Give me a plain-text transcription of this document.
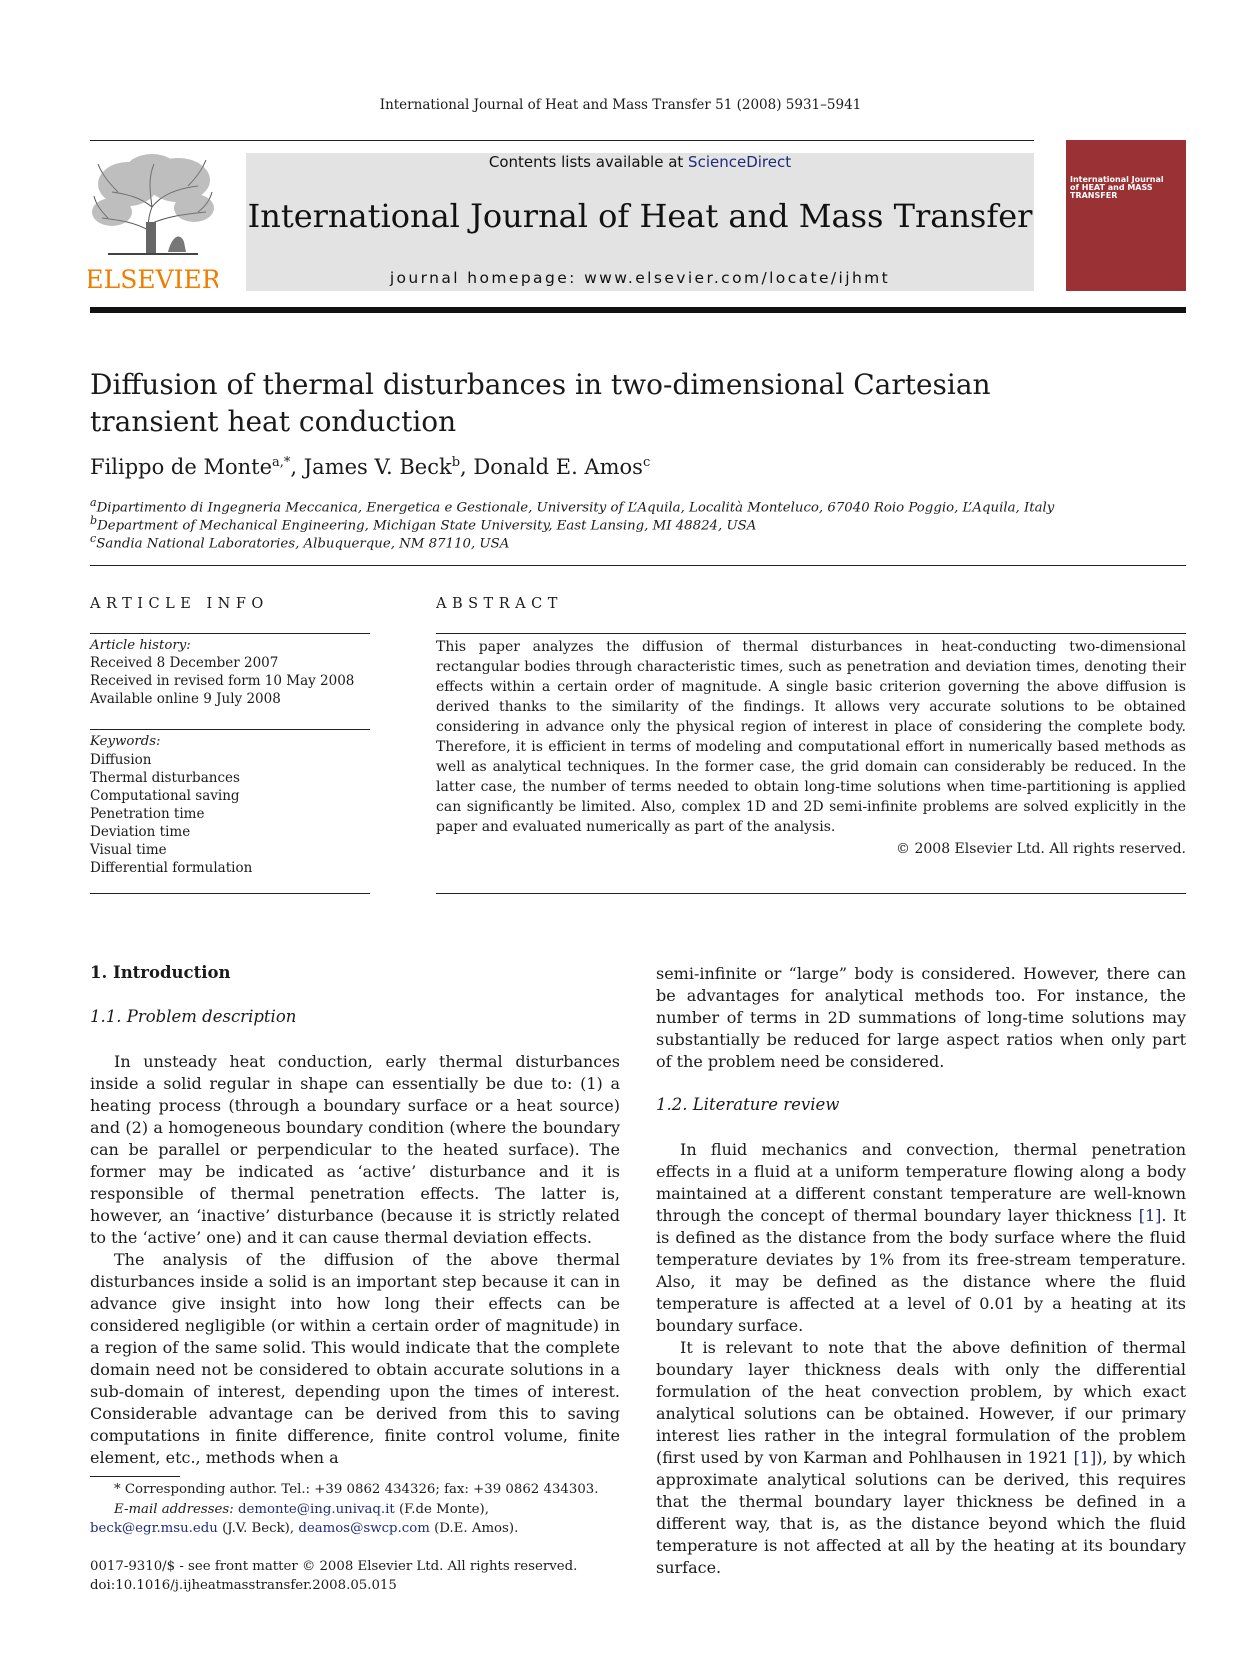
International Journal of Heat and Mass Transfer 51 (2008) 5931–5941
ELSEVIER
Contents lists available at ScienceDirect
International Journal of Heat and Mass Transfer
journal homepage: www.elsevier.com/locate/ijhmt
International Journal of HEAT and MASS TRANSFER
Diffusion of thermal disturbances in two-dimensional Cartesian transient heat conduction
Filippo de Monte$^{a,*}$, James V. Beck$^b$, Donald E. Amos$^c$
$^a$Dipartimento di Ingegneria Meccanica, Energetica e Gestionale, University of L’Aquila, Località Monteluco, 67040 Roio Poggio, L’Aquila, Italy
$^b$Department of Mechanical Engineering, Michigan State University, East Lansing, MI 48824, USA
$^c$Sandia National Laboratories, Albuquerque, NM 87110, USA
ARTICLE INFO
Article history:
Received 8 December 2007
Received in revised form 10 May 2008
Available online 9 July 2008
Keywords:
Diffusion
Thermal disturbances
Computational saving
Penetration time
Deviation time
Visual time
Differential formulation
ABSTRACT
This paper analyzes the diffusion of thermal disturbances in heat-conducting two-dimensional rectangular bodies through characteristic times, such as penetration and deviation times, denoting their effects within a certain order of magnitude. A single basic criterion governing the above diffusion is derived thanks to the similarity of the findings. It allows very accurate solutions to be obtained considering in advance only the physical region of interest in place of considering the complete body. Therefore, it is efficient in terms of modeling and computational effort in numerically based methods as well as analytical techniques. In the former case, the grid domain can considerably be reduced. In the latter case, the number of terms needed to obtain long-time solutions when time-partitioning is applied can significantly be limited. Also, complex 1D and 2D semi-infinite problems are solved explicitly in the paper and evaluated numerically as part of the analysis.
© 2008 Elsevier Ltd. All rights reserved.
1. Introduction
1.1. Problem description

In unsteady heat conduction, early thermal disturbances inside a solid regular in shape can essentially be due to: (1) a heating process (through a boundary surface or a heat source) and (2) a homogeneous boundary condition (where the boundary can be parallel or perpendicular to the heated surface). The former may be indicated as ‘active’ disturbance and it is responsible of thermal penetration effects. The latter is, however, an ‘inactive’ disturbance (because it is strictly related to the ‘active’ one) and it can cause thermal deviation effects.

The analysis of the diffusion of the above thermal disturbances inside a solid is an important step because it can in advance give insight into how long their effects can be considered negligible (or within a certain order of magnitude) in a region of the same solid. This would indicate that the complete domain need not be considered to obtain accurate solutions in a sub-domain of interest, depending upon the times of interest. Considerable advantage can be derived from this to saving computations in finite difference, finite control volume, finite element, etc., methods when a

semi-infinite or “large” body is considered. However, there can be advantages for analytical methods too. For instance, the number of terms in 2D summations of long-time solutions may substantially be reduced for large aspect ratios when only part of the problem need be considered.

1.2. Literature review

In fluid mechanics and convection, thermal penetration effects in a fluid at a uniform temperature flowing along a body maintained at a different constant temperature are well-known through the concept of thermal boundary layer thickness [1]. It is defined as the distance from the body surface where the fluid temperature deviates by 1% from its free-stream temperature. Also, it may be defined as the distance where the fluid temperature is affected at a level of 0.01 by a heating at its boundary surface.

It is relevant to note that the above definition of thermal boundary layer thickness deals with only the differential formulation of the heat convection problem, by which exact analytical solutions can be obtained. However, if our primary interest lies rather in the integral formulation of the problem (first used by von Karman and Pohlhausen in 1921 [1]), by which approximate analytical solutions can be derived, this requires that the thermal boundary layer thickness be defined in a different way, that is, as the distance beyond which the fluid temperature is not affected at all by the heating at its boundary surface.

* Corresponding author. Tel.: +39 0862 434326; fax: +39 0862 434303.
E-mail addresses: demonte@ing.univaq.it (F.de Monte), beck@egr.msu.edu (J.V. Beck), deamos@swcp.com (D.E. Amos).
0017-9310/$ - see front matter © 2008 Elsevier Ltd. All rights reserved.
doi:10.1016/j.ijheatmasstransfer.2008.05.015
